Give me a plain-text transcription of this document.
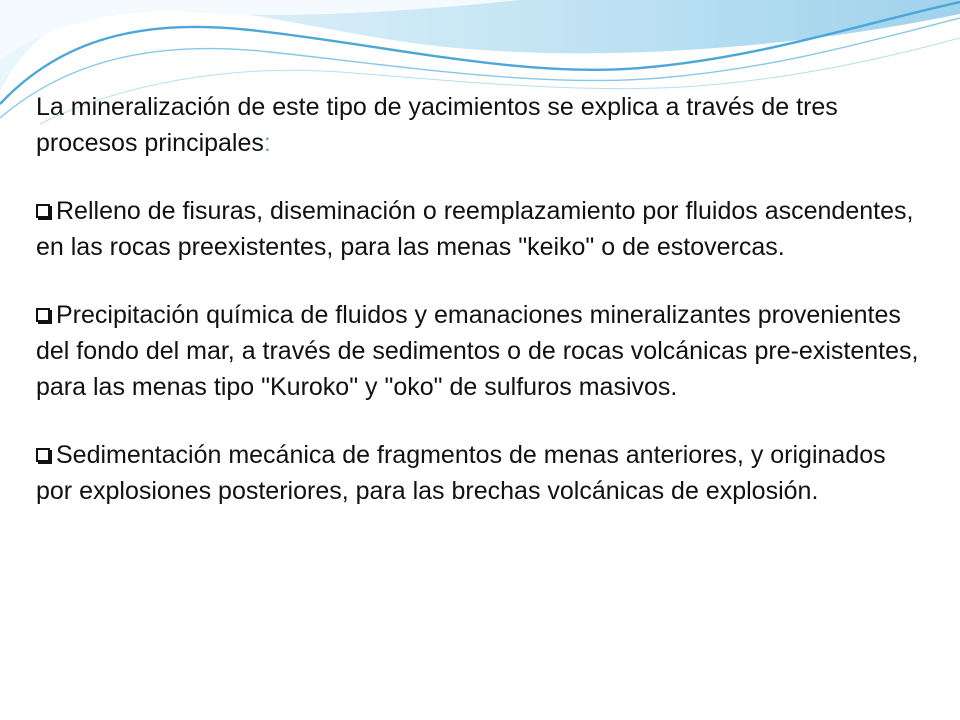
La mineralización de este tipo de yacimientos se explica a través de tres procesos principales:

Relleno de fisuras, diseminación o reemplazamiento por fluidos ascendentes, en las rocas preexistentes, para las menas "keiko" o de estovercas.

Precipitación química de fluidos y emanaciones mineralizantes provenientes del fondo del mar, a través de sedimentos o de rocas volcánicas pre-existentes, para las menas tipo "Kuroko" y "oko" de sulfuros masivos.

Sedimentación mecánica de fragmentos de menas anteriores, y originados por explosiones posteriores, para las brechas volcánicas de explosión.
